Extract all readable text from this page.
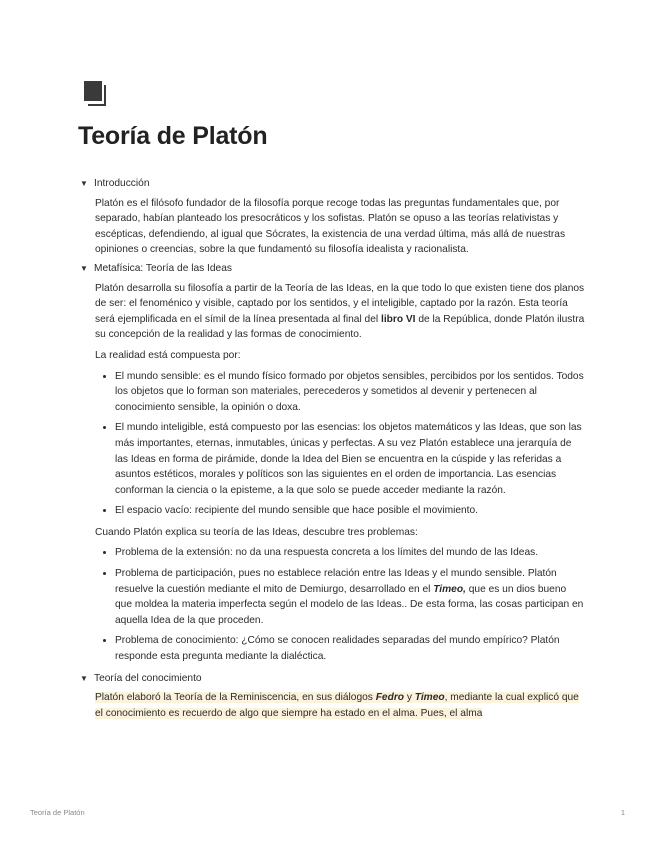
Teoría de Platón
▼ Introducción

Platón es el filósofo fundador de la filosofía porque recoge todas las preguntas fundamentales que, por separado, habían planteado los presocráticos y los sofistas. Platón se opuso a las teorías relativistas y escépticas, defendiendo, al igual que Sócrates, la existencia de una verdad última, más allá de nuestras opiniones o creencias, sobre la que fundamentó su filosofía idealista y racionalista.

▼ Metafísica: Teoría de las Ideas

Platón desarrolla su filosofía a partir de la Teoría de las Ideas, en la que todo lo que existen tiene dos planos de ser: el fenoménico y visible, captado por los sentidos, y el inteligible, captado por la razón. Esta teoría será ejemplificada en el símil de la línea presentada al final del libro VI de la República, donde Platón ilustra su concepción de la realidad y las formas de conocimiento.

La realidad está compuesta por:

• El mundo sensible: es el mundo físico formado por objetos sensibles, percibidos por los sentidos. Todos los objetos que lo forman son materiales, perecederos y sometidos al devenir y pertenecen al conocimiento sensible, la opinión o doxa.
• El mundo inteligible, está compuesto por las esencias: los objetos matemáticos y las Ideas, que son las más importantes, eternas, inmutables, únicas y perfectas. A su vez Platón establece una jerarquía de las Ideas en forma de pirámide, donde la Idea del Bien se encuentra en la cúspide y las referidas a asuntos estéticos, morales y políticos son las siguientes en el orden de importancia. Las esencias conforman la ciencia o la episteme, a la que solo se puede acceder mediante la razón.
• El espacio vacío: recipiente del mundo sensible que hace posible el movimiento.

Cuando Platón explica su teoría de las Ideas, descubre tres problemas:

• Problema de la extensión: no da una respuesta concreta a los límites del mundo de las Ideas.
• Problema de participación, pues no establece relación entre las Ideas y el mundo sensible. Platón resuelve la cuestión mediante el mito de Demiurgo, desarrollado en el Timeo, que es un dios bueno que moldea la materia imperfecta según el modelo de las Ideas.. De esta forma, las cosas participan en aquella Idea de la que proceden.
• Problema de conocimiento: ¿Cómo se conocen realidades separadas del mundo empírico? Platón responde esta pregunta mediante la dialéctica.
▼ Teoría del conocimiento

Platón elaboró la Teoría de la Reminiscencia, en sus diálogos Fedro y Timeo, mediante la cual explicó que el conocimiento es recuerdo de algo que siempre ha estado en el alma. Pues, el alma

Teoría de Platón	1
